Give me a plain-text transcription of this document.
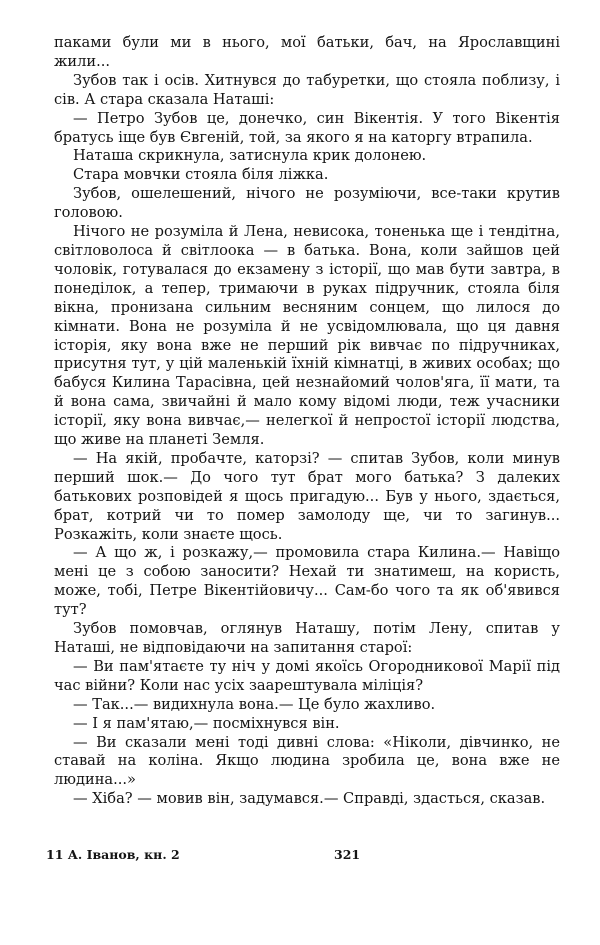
паками були ми в нього, мої батьки, бач, на Ярославщині жили...

Зубов так і осів. Хитнувся до табуретки, що стояла поблизу, і сів. А стара сказала Наташі:

— Петро Зубов це, донечко, син Вікентія. У того Вікентія братусь іще був Євгеній, той, за якого я на каторгу втрапила.

Наташа скрикнула, затиснула крик долонею.

Стара мовчки стояла біля ліжка.

Зубов, ошелешений, нічого не розуміючи, все-таки крутив головою.

Нічого не розуміла й Лена, невисока, тоненька ще і тендітна, світловолоса й світлоока — в батька. Вона, коли зайшов цей чоловік, готувалася до екзамену з історії, що мав бути завтра, в понеділок, а тепер, тримаючи в руках підручник, стояла біля вікна, пронизана сильним весняним сонцем, що лилося до кімнати. Вона не розуміла й не усвідомлювала, що ця давня історія, яку вона вже не перший рік вивчає по підручниках, присутня тут, у цій маленькій їхній кімнатці, в живих особах; що бабуся Килина Тарасівна, цей незнайомий чолов'яга, її мати, та й вона сама, звичайні й мало кому відомі люди, теж учасники історії, яку вона вивчає,— нелегкої й непростої історії людства, що живе на планеті Земля.

— На якій, пробачте, каторзі? — спитав Зубов, коли минув перший шок.— До чого тут брат мого батька? З далеких батькових розповідей я щось пригадую... Був у нього, здається, брат, котрий чи то помер замолоду ще, чи то загинув... Розкажіть, коли знаєте щось.

— А що ж, і розкажу,— промовила стара Килина.— Навіщо мені це з собою заносити? Нехай ти знатимеш, на користь, може, тобі, Петре Вікентійовичу... Сам-бо чого та як об'явився тут?

Зубов помовчав, оглянув Наташу, потім Лену, спитав у Наташі, не відповідаючи на запитання старої:

— Ви пам'ятаєте ту ніч у домі якоїсь Огородникової Марії під час війни? Коли нас усіх заарештувала міліція?

— Так...— видихнула вона.— Це було жахливо.

— І я пам'ятаю,— посміхнувся він.

— Ви сказали мені тоді дивні слова: «Ніколи, дівчинко, не ставай на коліна. Якщо людина зробила це, вона вже не людина...»

— Хіба? — мовив він, задумався.— Справді, здасться, сказав.

11 А. Іванов, кн. 2	321
